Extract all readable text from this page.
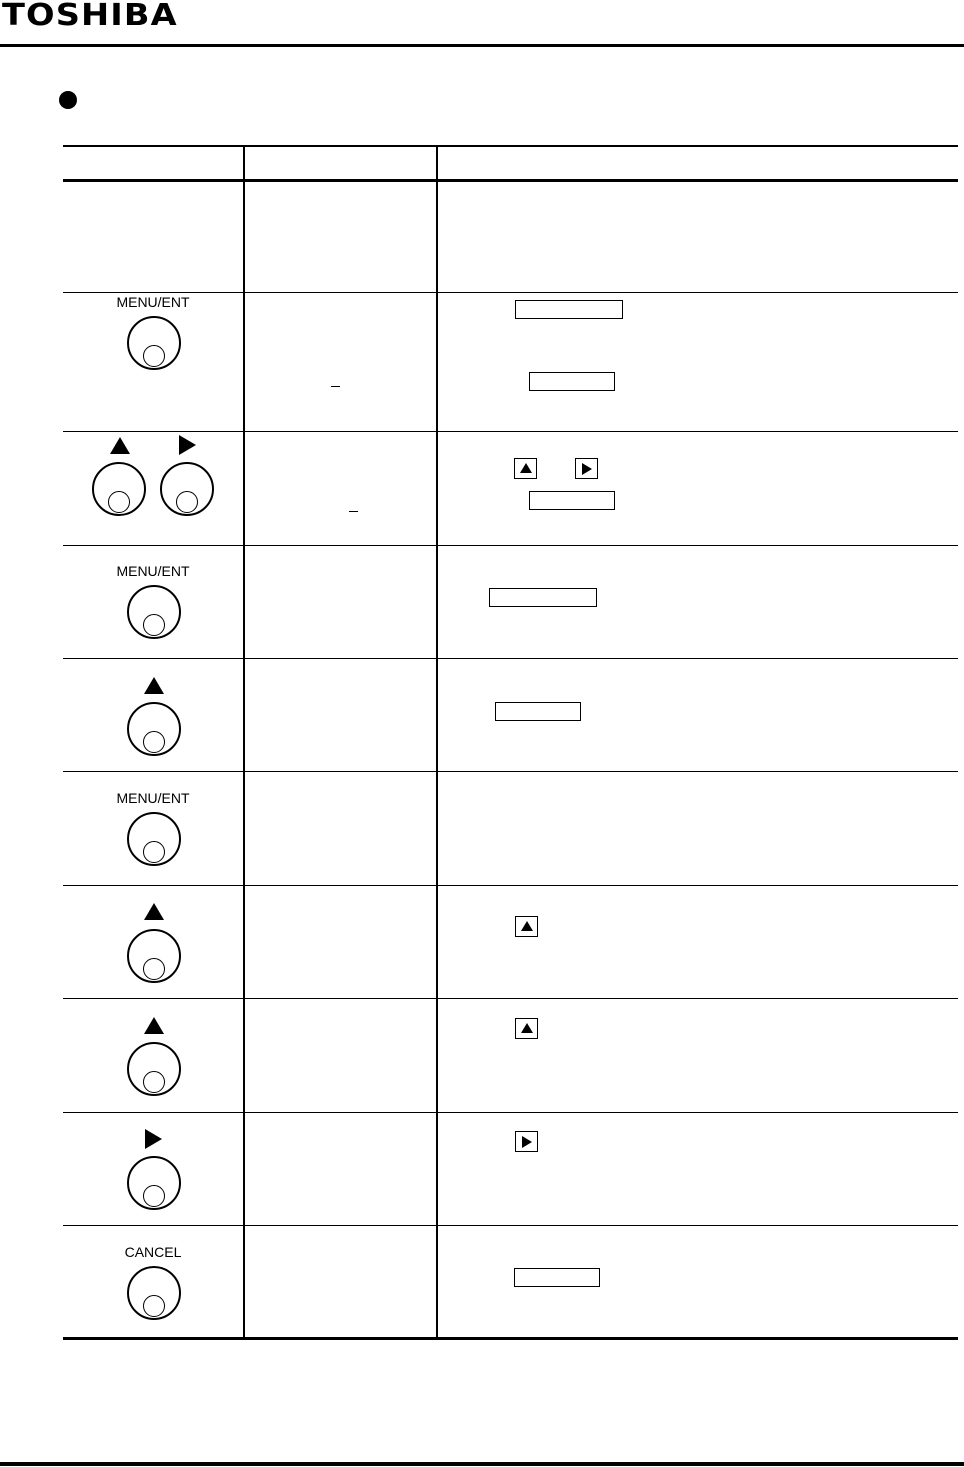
TOSHIBA
MENU/ENT
MENU/ENT
MENU/ENT
CANCEL
